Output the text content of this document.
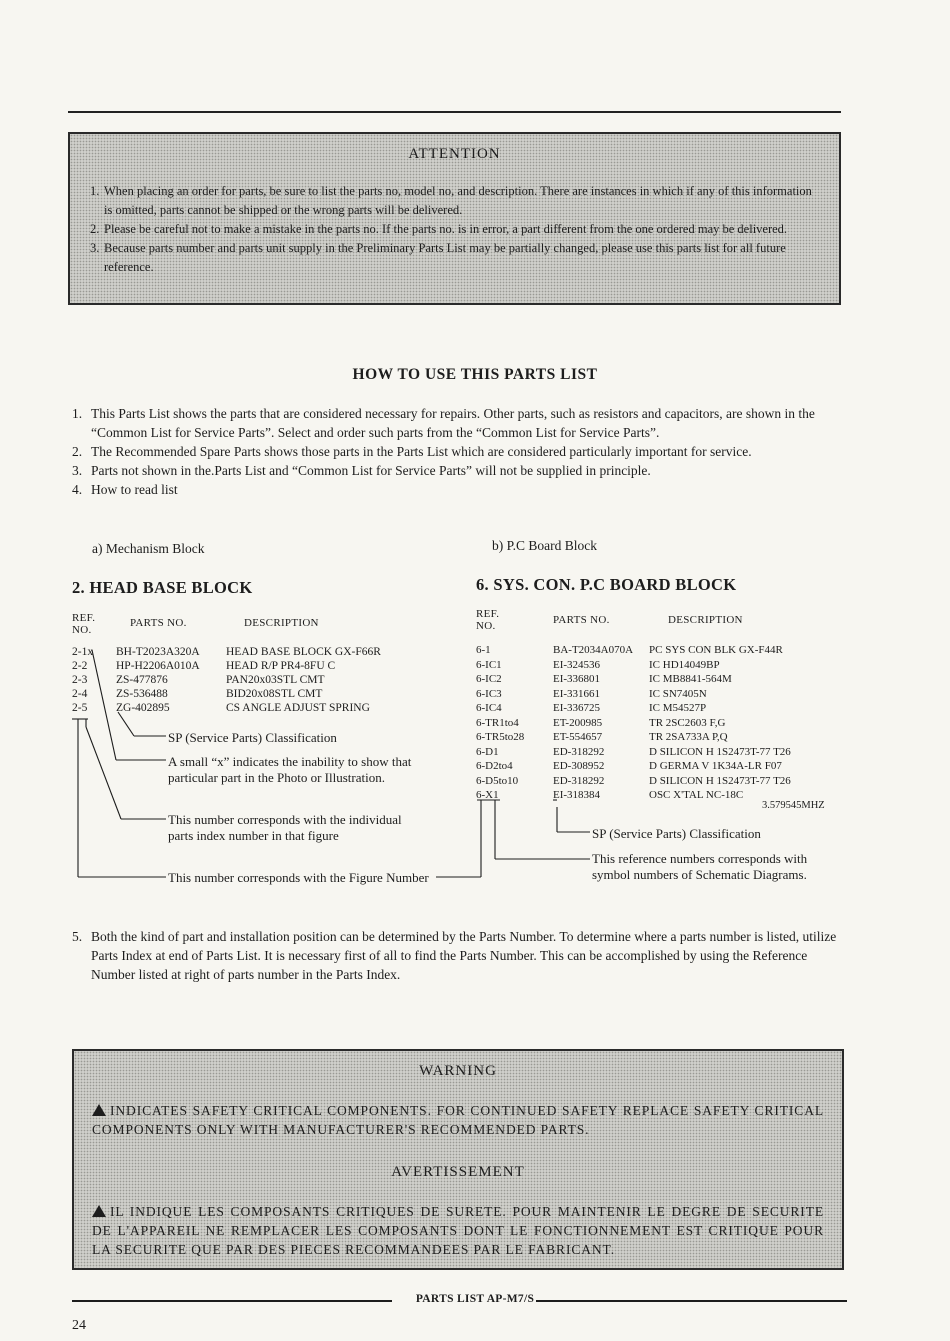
ATTENTION
1. When placing an order for parts, be sure to list the parts no, model no, and description. There are instances in which if any of this information is omitted, parts cannot be shipped or the wrong parts will be delivered.
2. Please be careful not to make a mistake in the parts no. If the parts no. is in error, a part different from the one ordered may be delivered.
3. Because parts number and parts unit supply in the Preliminary Parts List may be partially changed, please use this parts list for all future reference.
HOW TO USE THIS PARTS LIST
1. This Parts List shows the parts that are considered necessary for repairs. Other parts, such as resistors and capacitors, are shown in the “Common List for Service Parts”. Select and order such parts from the “Common List for Service Parts”.
2. The Recommended Spare Parts shows those parts in the Parts List which are considered particularly important for service.
3. Parts not shown in the.Parts List and “Common List for Service Parts” will not be supplied in principle.
4. How to read list
a) Mechanism Block	b) P.C Board Block
2. HEAD BASE BLOCK
REF.
NO.
PARTS NO.	DESCRIPTION
2-1x	BH-T2023A320A	HEAD BASE BLOCK GX-F66R
2-2	HP-H2206A010A	HEAD R/P PR4-8FU C
2-3	ZS-477876	PAN20x03STL CMT
2-4	ZS-536488	BID20x08STL CMT
2-5	ZG-402895	CS ANGLE ADJUST SPRING
SP (Service Parts) Classification
A small “x” indicates the inability to show that particular part in the Photo or Illustration.
This number corresponds with the individual parts index number in that figure
This number corresponds with the Figure Number
6. SYS. CON. P.C BOARD BLOCK
REF.
NO.	PARTS NO.	DESCRIPTION
6-1	BA-T2034A070A	PC SYS CON BLK GX-F44R
6-IC1	EI-324536	IC HD14049BP
6-IC2	EI-336801	IC MB8841-564M
6-IC3	EI-331661	IC SN7405N
6-IC4	EI-336725	IC M54527P
6-TR1to4	ET-200985	TR 2SC2603 F,G
6-TR5to28	ET-554657	TR 2SA733A P,Q
6-D1	ED-318292	D SILICON H 1S2473T-77 T26
6-D2to4	ED-308952	D GERMA V 1K34A-LR F07
6-D5to10	ED-318292	D SILICON H 1S2473T-77 T26
6-X1	EI-318384	OSC X'TAL NC-18C
3.579545MHZ
SP (Service Parts) Classification
This reference numbers corresponds with symbol numbers of Schematic Diagrams.
5. Both the kind of part and installation position can be determined by the Parts Number. To determine where a parts number is listed, utilize Parts Index at end of Parts List. It is necessary first of all to find the Parts Number. This can be accomplished by using the Reference Number listed at right of parts number in the Parts Index.
WARNING
INDICATES SAFETY CRITICAL COMPONENTS. FOR CONTINUED SAFETY REPLACE SAFETY CRITICAL COMPONENTS ONLY WITH MANUFACTURER'S RECOMMENDED PARTS.
AVERTISSEMENT
IL INDIQUE LES COMPOSANTS CRITIQUES DE SURETE. POUR MAINTENIR LE DEGRE DE SECURITE DE L'APPAREIL NE REMPLACER LES COMPOSANTS DONT LE FONCTIONNEMENT EST CRITIQUE POUR LA SECURITE QUE PAR DES PIECES RECOMMANDEES PAR LE FABRICANT.
PARTS LIST AP-M7/S
24
